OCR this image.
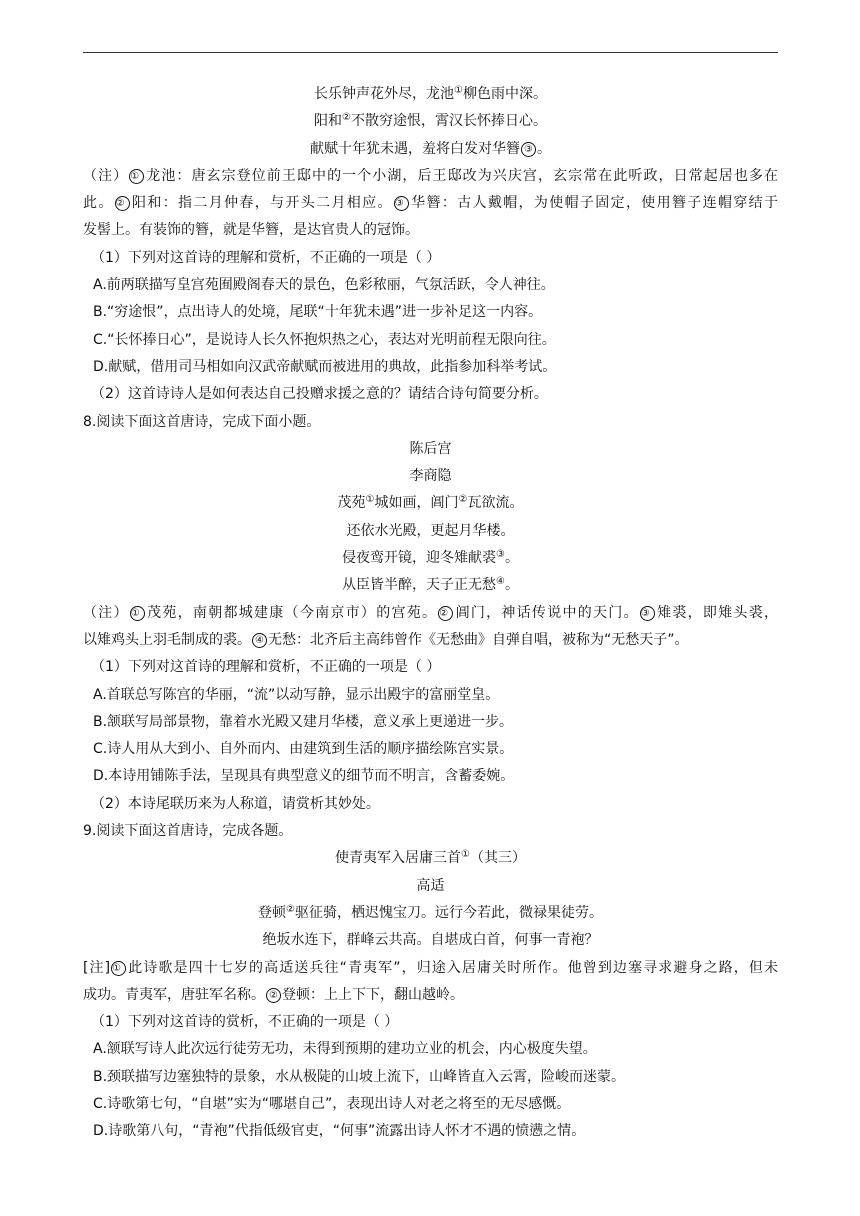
长乐钟声花外尽，龙池①柳色雨中深。
阳和②不散穷途恨，霄汉长怀捧日心。
献赋十年犹未遇，羞将白发对华簪 ③ 。
（注） ① 龙池：唐玄宗登位前王邸中的一个小湖，后王邸改为兴庆宫，玄宗常在此听政，日常起居也多在
此。 ② 阳和：指二月仲春，与开头二月相应。 ③ 华簪：古人戴帽，为使帽子固定，使用簪子连帽穿结于
发髻上。有装饰的簪，就是华簪，是达官贵人的冠饰。
（1）下列对这首诗的理解和赏析，不正确的一项是（ ）
A.前两联描写皇宫苑囿殿阁春天的景色，色彩秾丽，气氛活跃，令人神往。
B.“穷途恨”，点出诗人的处境，尾联“十年犹未遇”进一步补足这一内容。
C.“长怀捧日心”，是说诗人长久怀抱炽热之心，表达对光明前程无限向往。
D.献赋，借用司马相如向汉武帝献赋而被进用的典故，此指参加科举考试。
（2）这首诗诗人是如何表达自己投赠求援之意的？请结合诗句简要分析。
8.阅读下面这首唐诗，完成下面小题。
陈后宫
李商隐
茂苑①城如画，阊门②瓦欲流。
还依水光殿，更起月华楼。
侵夜鸾开镜，迎冬雉献裘③。
从臣皆半醉，天子正无愁④。
（注） ① 茂苑，南朝都城建康（今南京市）的宫苑。 ② 阊门，神话传说中的天门。 ③ 雉裘，即雉头裘，
以雉鸡头上羽毛制成的裘。 ④ 无愁：北齐后主高纬曾作《无愁曲》自弹自唱，被称为“无愁天子”。
（1）下列对这首诗的理解和赏析，不正确的一项是（ ）
A.首联总写陈宫的华丽，“流”以动写静，显示出殿宇的富丽堂皇。
B.颔联写局部景物，靠着水光殿又建月华楼，意义承上更递进一步。
C.诗人用从大到小、自外而内、由建筑到生活的顺序描绘陈宫实景。
D.本诗用铺陈手法，呈现具有典型意义的细节而不明言，含蓄委婉。
（2）本诗尾联历来为人称道，请赏析其妙处。
9.阅读下面这首唐诗，完成各题。
使青夷军入居庸三首①（其三）
高适
登顿②驱征骑，栖迟愧宝刀。远行今若此，微禄果徒劳。
绝坂水连下，群峰云共高。自堪成白首，何事一青袍？
[注] ① 此诗歌是四十七岁的高适送兵往“青夷军”，归途入居庸关时所作。他曾到边塞寻求避身之路，但未
成功。青夷军，唐驻军名称。 ② 登顿：上上下下，翻山越岭。
（1）下列对这首诗的赏析，不正确的一项是（ ）
A.颔联写诗人此次远行徒劳无功，未得到预期的建功立业的机会，内心极度失望。
B.颈联描写边塞独特的景象，水从极陡的山坡上流下，山峰皆直入云霄，险峻而迷蒙。
C.诗歌第七句，“自堪”实为“哪堪自己”，表现出诗人对老之将至的无尽感慨。
D.诗歌第八句，“青袍”代指低级官吏，“何事”流露出诗人怀才不遇的愤懑之情。
